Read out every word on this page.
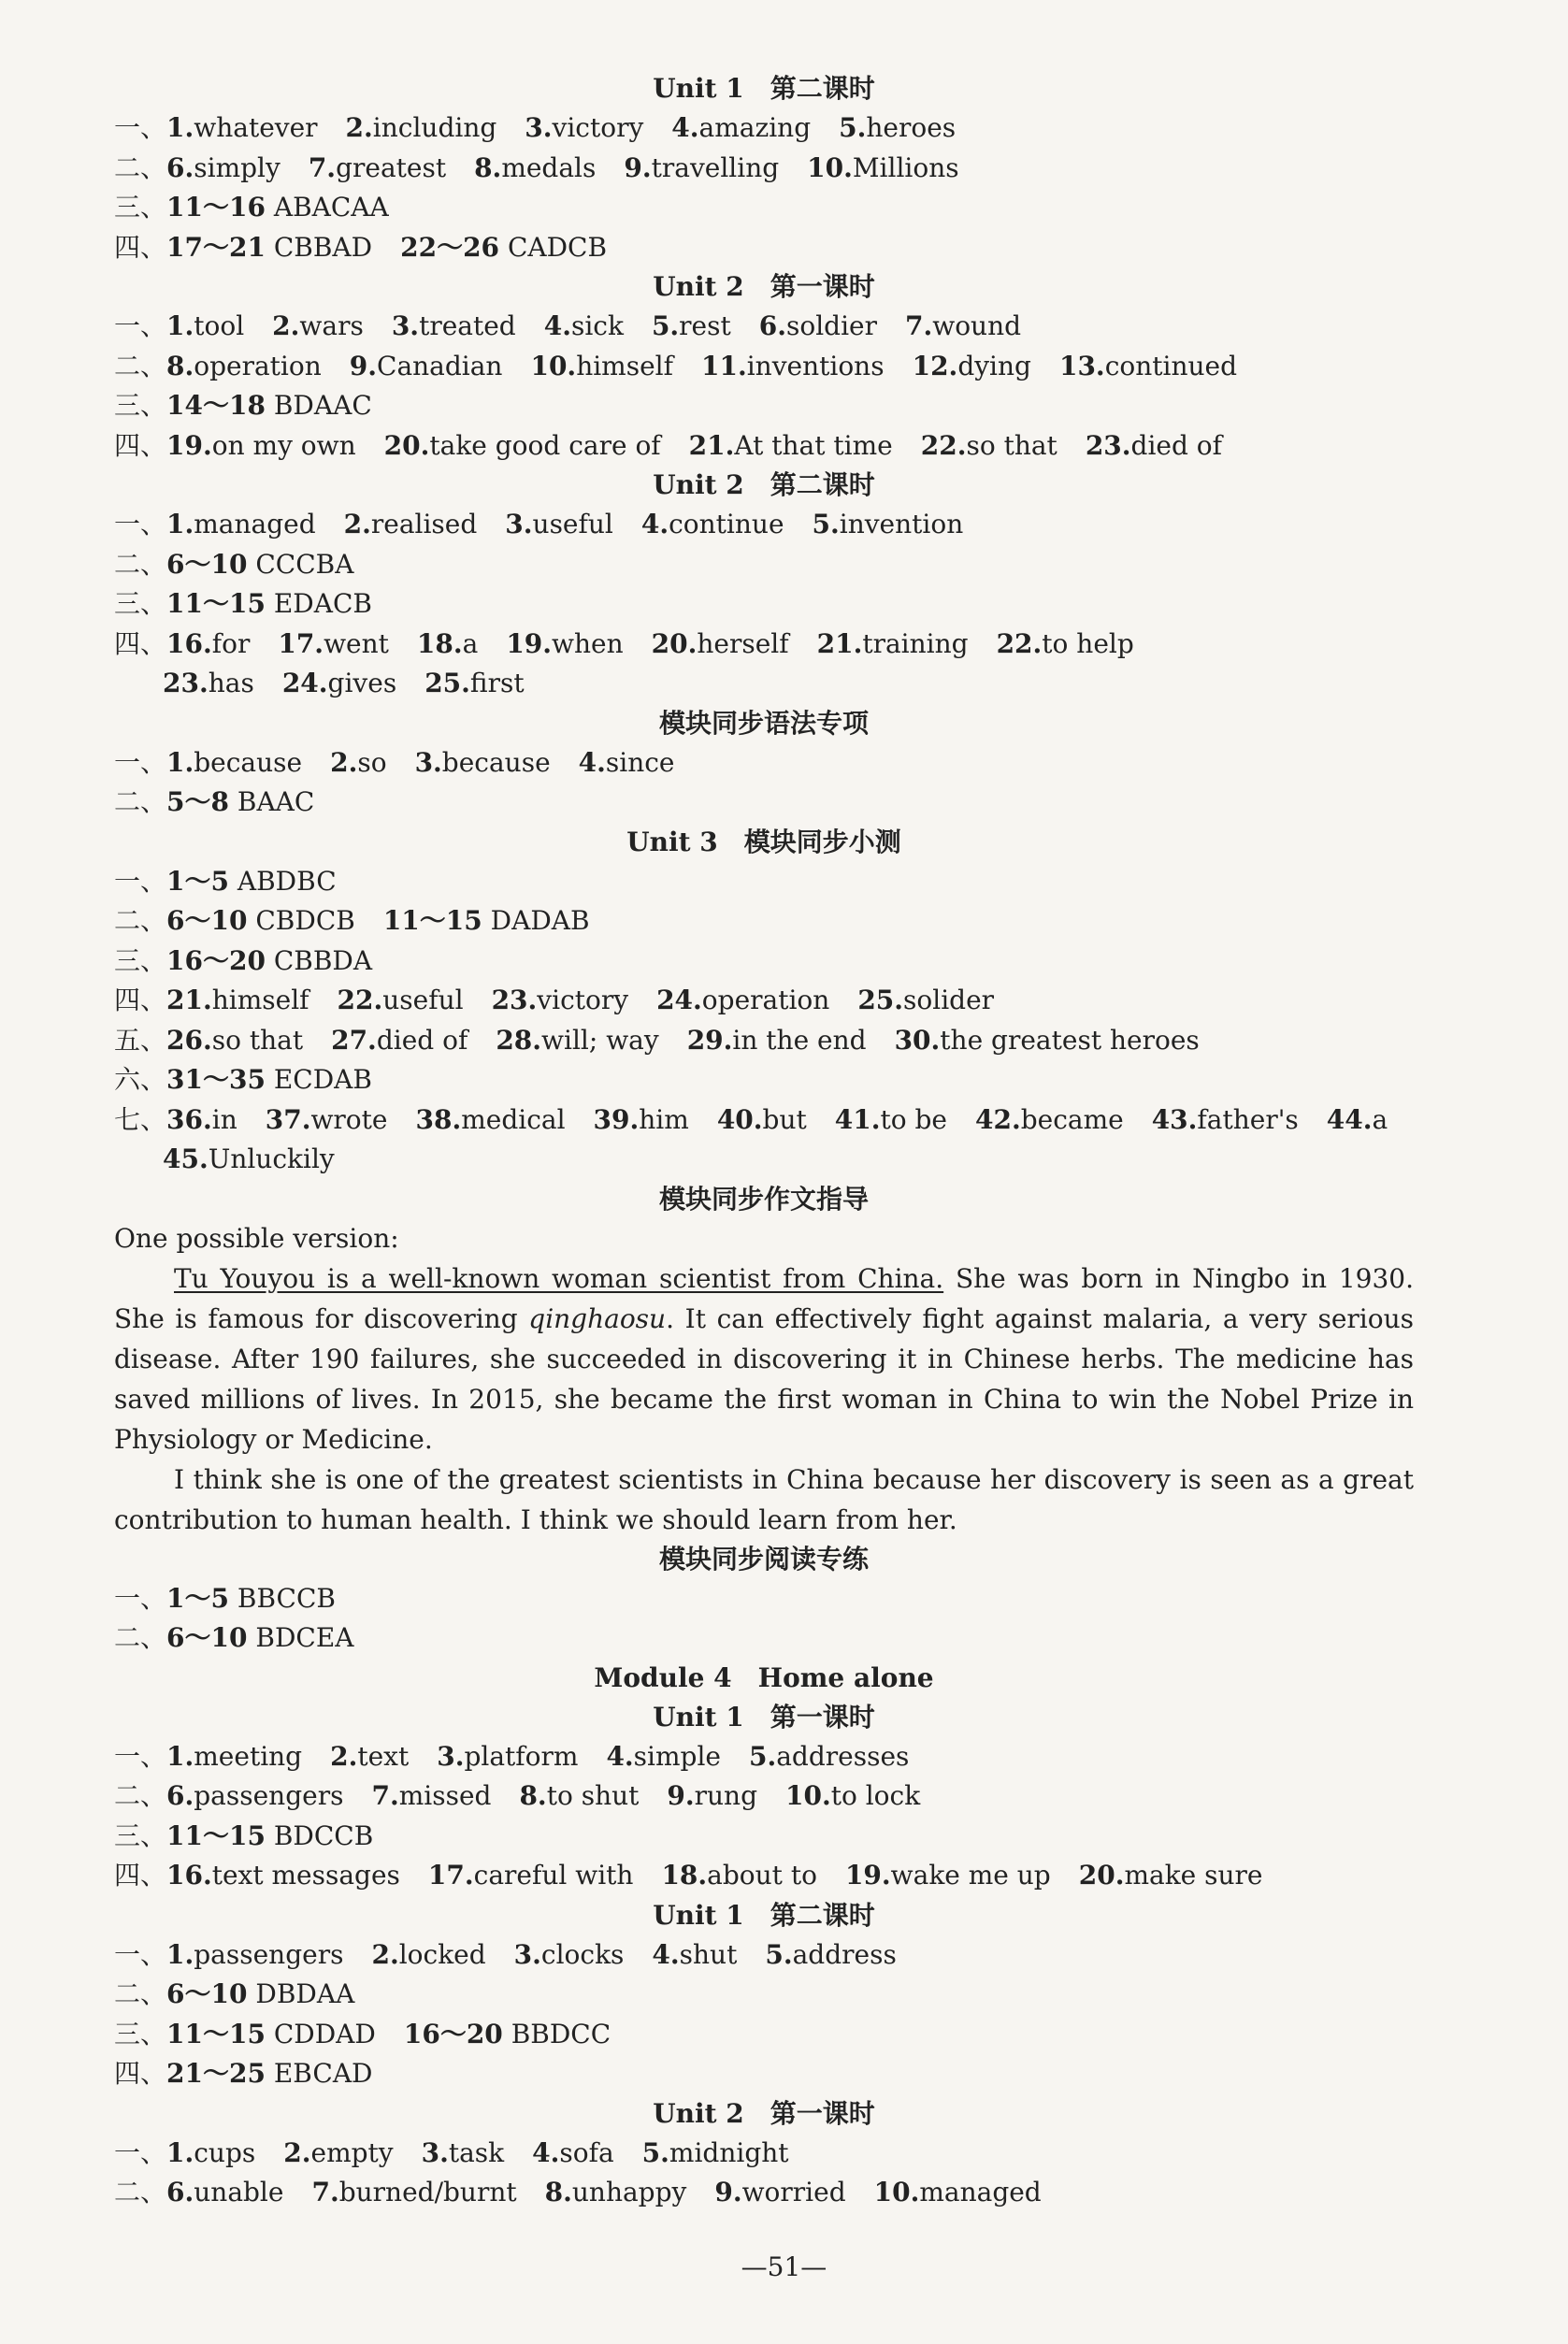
Unit 1　第二课时
一、1.whatever 2.including 3.victory 4.amazing 5.heroes
二、6.simply 7.greatest 8.medals 9.travelling 10.Millions
三、11～16 ABACAA
四、17～21 CBBAD 22～26 CADCB
Unit 2　第一课时
一、1.tool 2.wars 3.treated 4.sick 5.rest 6.soldier 7.wound
二、8.operation 9.Canadian 10.himself 11.inventions 12.dying 13.continued
三、14～18 BDAAC
四、19.on my own 20.take good care of 21.At that time 22.so that 23.died of
Unit 2　第二课时
一、1.managed 2.realised 3.useful 4.continue 5.invention
二、6～10 CCCBA
三、11～15 EDACB
四、16.for 17.went 18.a 19.when 20.herself 21.training 22.to help
23.has 24.gives 25.first
模块同步语法专项
一、1.because 2.so 3.because 4.since
二、5～8 BAAC
Unit 3　模块同步小测
一、1～5 ABDBC
二、6～10 CBDCB 11～15 DADAB
三、16～20 CBBDA
四、21.himself 22.useful 23.victory 24.operation 25.solider
五、26.so that 27.died of 28.will; way 29.in the end 30.the greatest heroes
六、31～35 ECDAB
七、36.in 37.wrote 38.medical 39.him 40.but 41.to be 42.became 43.father's 44.a
45.Unluckily
模块同步作文指导
One possible version:

Tu Youyou is a well-known woman scientist from China. She was born in Ningbo in 1930. She is famous for discovering qinghaosu. It can effectively fight against malaria, a very serious disease. After 190 failures, she succeeded in discovering it in Chinese herbs. The medicine has saved millions of lives. In 2015, she became the first woman in China to win the Nobel Prize in Physiology or Medicine.

I think she is one of the greatest scientists in China because her discovery is seen as a great contribution to human health. I think we should learn from her.

模块同步阅读专练
一、1～5 BBCCB
二、6～10 BDCEA
Module 4　Home alone
Unit 1　第一课时
一、1.meeting 2.text 3.platform 4.simple 5.addresses
二、6.passengers 7.missed 8.to shut 9.rung 10.to lock
三、11～15 BDCCB
四、16.text messages 17.careful with 18.about to 19.wake me up 20.make sure
Unit 1　第二课时
一、1.passengers 2.locked 3.clocks 4.shut 5.address
二、6～10 DBDAA
三、11～15 CDDAD 16～20 BBDCC
四、21～25 EBCAD
Unit 2　第一课时
一、1.cups 2.empty 3.task 4.sofa 5.midnight
二、6.unable 7.burned/burnt 8.unhappy 9.worried 10.managed
—51—
